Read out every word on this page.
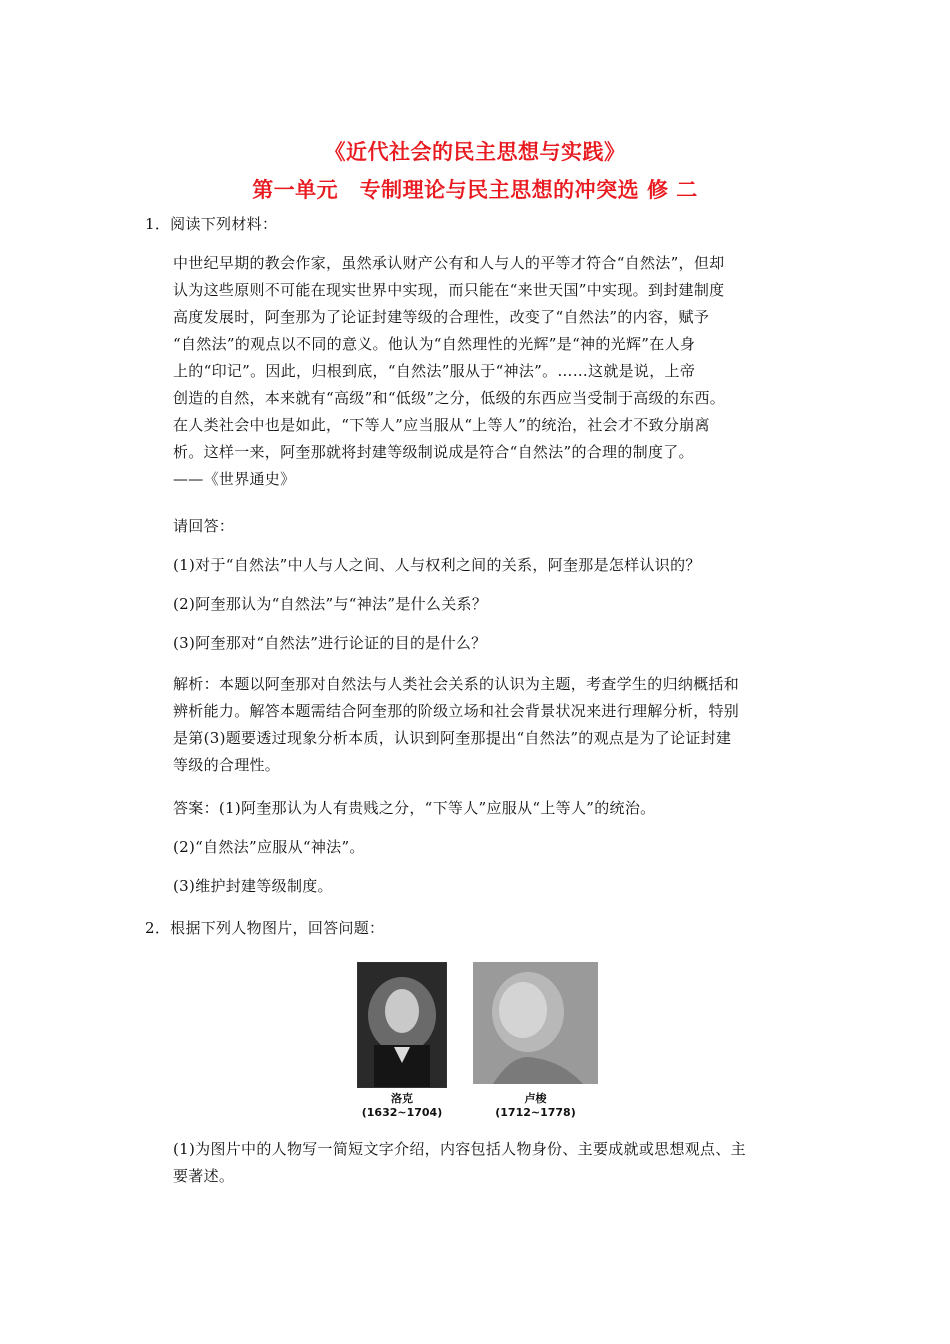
《近代社会的民主思想与实践》
第一单元　专制理论与民主思想的冲突选 修 二
1．阅读下列材料：
中世纪早期的教会作家，虽然承认财产公有和人与人的平等才符合“自然法”，但却
认为这些原则不可能在现实世界中实现，而只能在“来世天国”中实现。到封建制度
高度发展时，阿奎那为了论证封建等级的合理性，改变了“自然法”的内容，赋予
“自然法”的观点以不同的意义。他认为“自然理性的光辉”是“神的光辉”在人身
上的“印记”。因此，归根到底，“自然法”服从于“神法”。……这就是说，上帝
创造的自然，本来就有“高级”和“低级”之分，低级的东西应当受制于高级的东西。
在人类社会中也是如此，“下等人”应当服从“上等人”的统治，社会才不致分崩离
析。这样一来，阿奎那就将封建等级制说成是符合“自然法”的合理的制度了。
——《世界通史》
请回答：
(1)对于“自然法”中人与人之间、人与权利之间的关系，阿奎那是怎样认识的？
(2)阿奎那认为“自然法”与“神法”是什么关系？
(3)阿奎那对“自然法”进行论证的目的是什么？
解析：本题以阿奎那对自然法与人类社会关系的认识为主题，考查学生的归纳概括和
辨析能力。解答本题需结合阿奎那的阶级立场和社会背景状况来进行理解分析，特别
是第(3)题要透过现象分析本质，认识到阿奎那提出“自然法”的观点是为了论证封建
等级的合理性。
答案：(1)阿奎那认为人有贵贱之分，“下等人”应服从“上等人”的统治。
(2)“自然法”应服从“神法”。
(3)维护封建等级制度。
2．根据下列人物图片，回答问题：
洛克
(1632~1704)
卢梭
(1712~1778)
(1)为图片中的人物写一简短文字介绍，内容包括人物身份、主要成就或思想观点、主
要著述。
